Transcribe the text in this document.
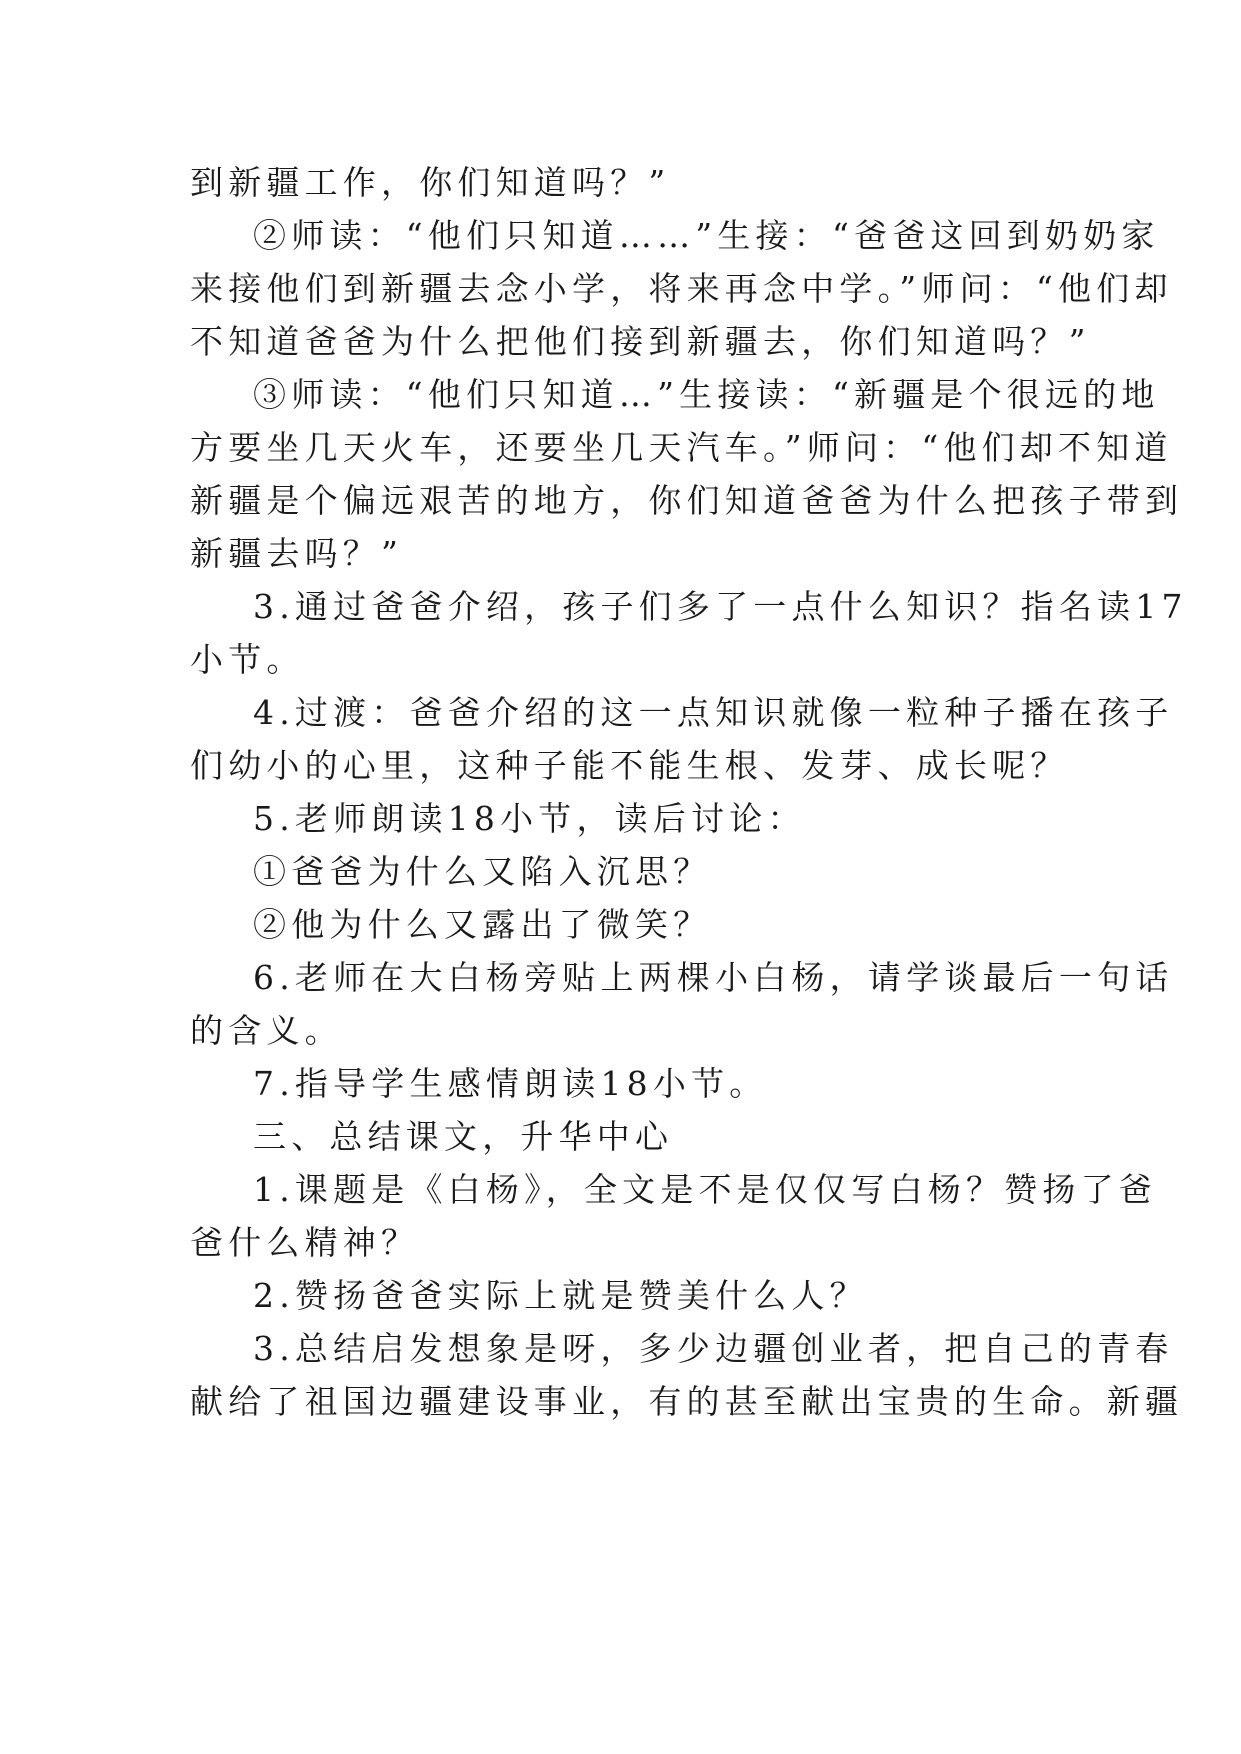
到新疆工作，你们知道吗？”
②师读：“他们只知道……”生接：“爸爸这回到奶奶家
来接他们到新疆去念小学，将来再念中学。”师问：“他们却
不知道爸爸为什么把他们接到新疆去，你们知道吗？”
③师读：“他们只知道…”生接读：“新疆是个很远的地
方要坐几天火车，还要坐几天汽车。”师问：“他们却不知道
新疆是个偏远艰苦的地方，你们知道爸爸为什么把孩子带到
新疆去吗？”
3.通过爸爸介绍，孩子们多了一点什么知识？指名读17
小节。
4.过渡：爸爸介绍的这一点知识就像一粒种子播在孩子
们幼小的心里，这种子能不能生根、发芽、成长呢？
5.老师朗读18小节，读后讨论：
①爸爸为什么又陷入沉思？
②他为什么又露出了微笑？
6.老师在大白杨旁贴上两棵小白杨，请学谈最后一句话
的含义。
7.指导学生感情朗读18小节。
三、总结课文，升华中心
1.课题是《白杨》，全文是不是仅仅写白杨？赞扬了爸
爸什么精神？
2.赞扬爸爸实际上就是赞美什么人？
3.总结启发想象是呀，多少边疆创业者，把自己的青春
献给了祖国边疆建设事业，有的甚至献出宝贵的生命。新疆
